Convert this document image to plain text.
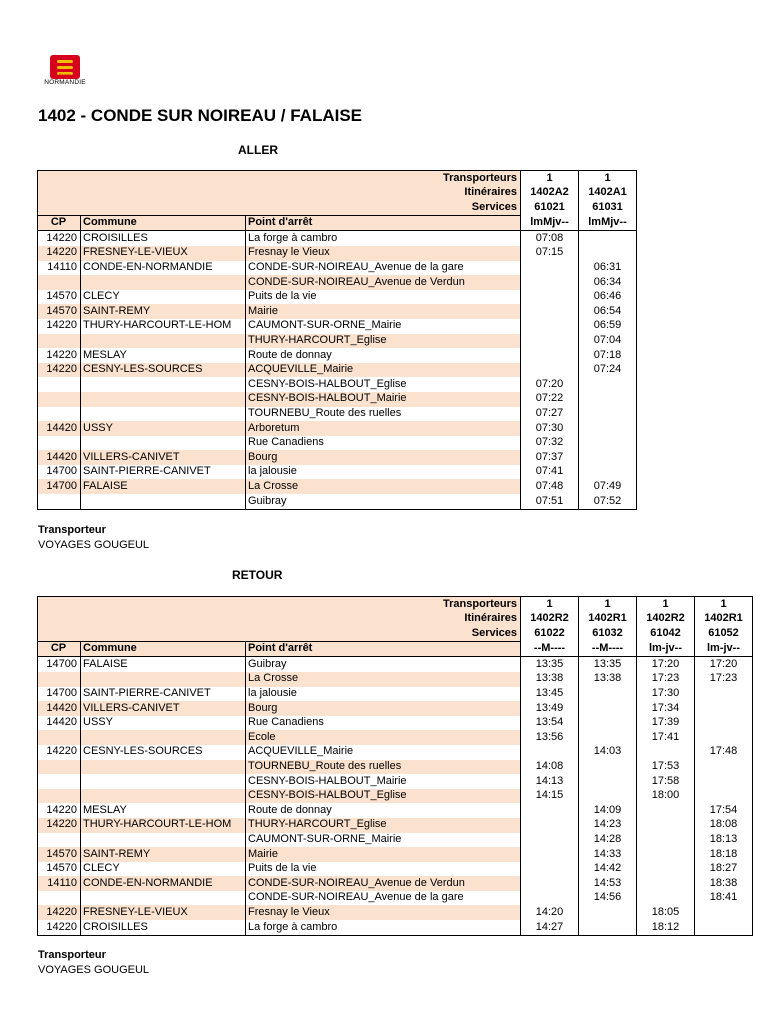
Région
NORMANDIE
1402 - CONDE SUR NOIREAU / FALAISE
ALLER
Transporteurs			1	1
Itinéraires			1402A2	1402A1
Services			61021	61031
CP	Commune	Point d'arrêt	lmMjv--	lmMjv--
14220	CROISILLES	La forge à cambro	07:08	
14220	FRESNEY-LE-VIEUX	Fresnay le Vieux	07:15	
14110	CONDE-EN-NORMANDIE	CONDE-SUR-NOIREAU_Avenue de la gare		06:31
		CONDE-SUR-NOIREAU_Avenue de Verdun		06:34
14570	CLECY	Puits de la vie		06:46
14570	SAINT-REMY	Mairie		06:54
14220	THURY-HARCOURT-LE-HOM	CAUMONT-SUR-ORNE_Mairie		06:59
		THURY-HARCOURT_Eglise		07:04
14220	MESLAY	Route de donnay		07:18
14220	CESNY-LES-SOURCES	ACQUEVILLE_Mairie		07:24
		CESNY-BOIS-HALBOUT_Eglise	07:20	
		CESNY-BOIS-HALBOUT_Mairie	07:22	
		TOURNEBU_Route des ruelles	07:27	
14420	USSY	Arboretum	07:30	
		Rue Canadiens	07:32	
14420	VILLERS-CANIVET	Bourg	07:37	
14700	SAINT-PIERRE-CANIVET	la jalousie	07:41	
14700	FALAISE	La Crosse	07:48	07:49
		Guibray	07:51	07:52
Transporteur
VOYAGES GOUGEUL
RETOUR
Transporteurs			1	1	1	1
Itinéraires			1402R2	1402R1	1402R2	1402R1
Services			61022	61032	61042	61052
CP	Commune	Point d'arrêt	--M----	--M----	lm-jv--	lm-jv--
14700	FALAISE	Guibray	13:35	13:35	17:20	17:20
		La Crosse	13:38	13:38	17:23	17:23
14700	SAINT-PIERRE-CANIVET	la jalousie	13:45		17:30	
14420	VILLERS-CANIVET	Bourg	13:49		17:34	
14420	USSY	Rue Canadiens	13:54		17:39	
		Ecole	13:56		17:41	
14220	CESNY-LES-SOURCES	ACQUEVILLE_Mairie		14:03		17:48
		TOURNEBU_Route des ruelles	14:08		17:53	
		CESNY-BOIS-HALBOUT_Mairie	14:13		17:58	
		CESNY-BOIS-HALBOUT_Eglise	14:15		18:00	
14220	MESLAY	Route de donnay		14:09		17:54
14220	THURY-HARCOURT-LE-HOM	THURY-HARCOURT_Eglise		14:23		18:08
		CAUMONT-SUR-ORNE_Mairie		14:28		18:13
14570	SAINT-REMY	Mairie		14:33		18:18
14570	CLECY	Puits de la vie		14:42		18:27
14110	CONDE-EN-NORMANDIE	CONDE-SUR-NOIREAU_Avenue de Verdun		14:53		18:38
		CONDE-SUR-NOIREAU_Avenue de la gare		14:56		18:41
14220	FRESNEY-LE-VIEUX	Fresnay le Vieux	14:20		18:05	
14220	CROISILLES	La forge à cambro	14:27		18:12	
Transporteur
VOYAGES GOUGEUL
